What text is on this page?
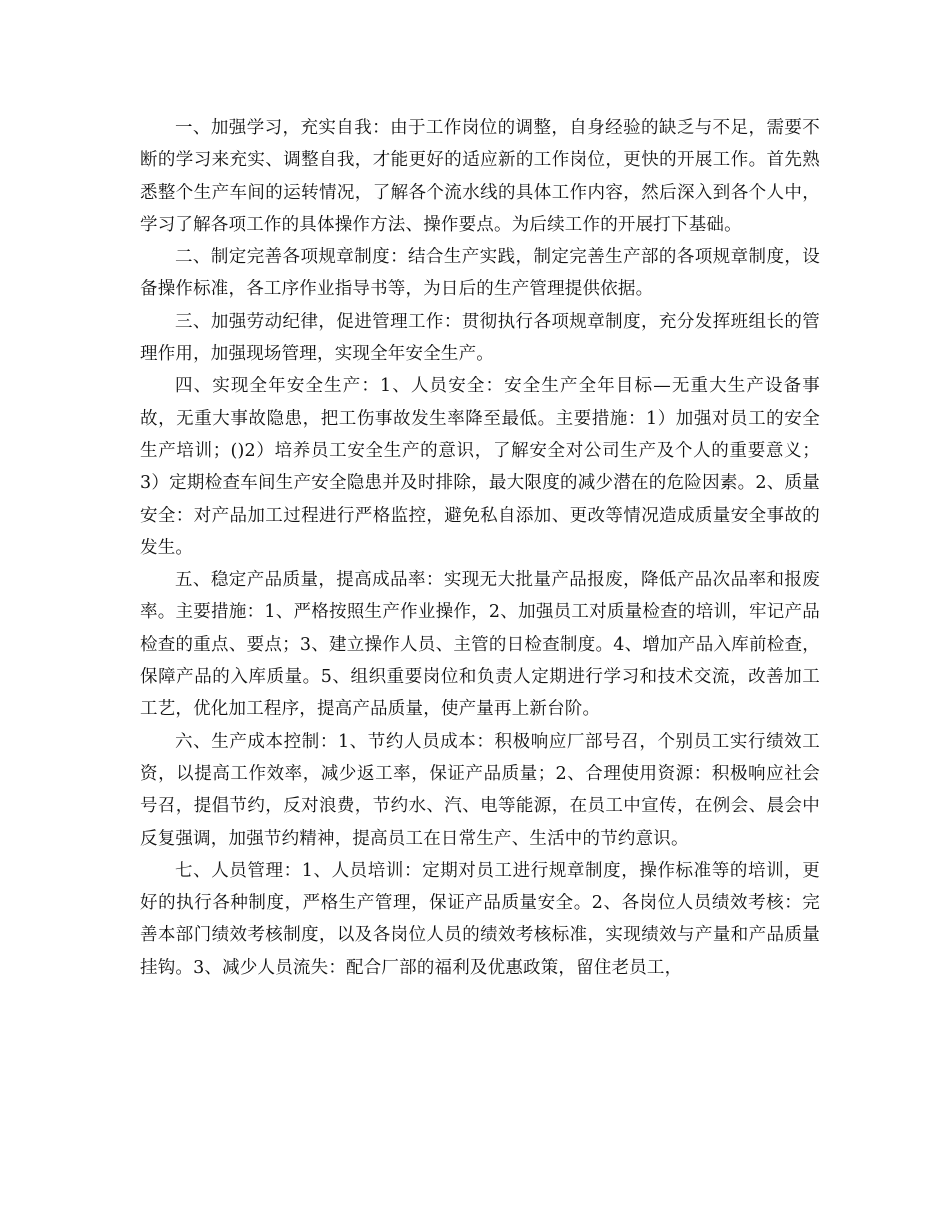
一、加强学习，充实自我：由于工作岗位的调整，自身经验的缺乏与不足，需要不断的学习来充实、调整自我，才能更好的适应新的工作岗位，更快的开展工作。首先熟悉整个生产车间的运转情况，了解各个流水线的具体工作内容，然后深入到各个人中，学习了解各项工作的具体操作方法、操作要点。为后续工作的开展打下基础。

二、制定完善各项规章制度：结合生产实践，制定完善生产部的各项规章制度，设备操作标准，各工序作业指导书等，为日后的生产管理提供依据。

三、加强劳动纪律，促进管理工作：贯彻执行各项规章制度，充分发挥班组长的管理作用，加强现场管理，实现全年安全生产。

四、实现全年安全生产：1、人员安全：安全生产全年目标—无重大生产设备事故，无重大事故隐患，把工伤事故发生率降至最低。主要措施：1）加强对员工的安全生产培训；()2）培养员工安全生产的意识，了解安全对公司生产及个人的重要意义；3）定期检查车间生产安全隐患并及时排除，最大限度的减少潜在的危险因素。2、质量安全：对产品加工过程进行严格监控，避免私自添加、更改等情况造成质量安全事故的发生。

五、稳定产品质量，提高成品率：实现无大批量产品报废，降低产品次品率和报废率。主要措施：1、严格按照生产作业操作，2、加强员工对质量检查的培训，牢记产品检查的重点、要点；3、建立操作人员、主管的日检查制度。4、增加产品入库前检查，保障产品的入库质量。5、组织重要岗位和负责人定期进行学习和技术交流，改善加工工艺，优化加工程序，提高产品质量，使产量再上新台阶。

六、生产成本控制：1、节约人员成本：积极响应厂部号召，个别员工实行绩效工资，以提高工作效率，减少返工率，保证产品质量；2、合理使用资源：积极响应社会号召，提倡节约，反对浪费，节约水、汽、电等能源，在员工中宣传，在例会、晨会中反复强调，加强节约精神，提高员工在日常生产、生活中的节约意识。

七、人员管理：1、人员培训：定期对员工进行规章制度，操作标准等的培训，更好的执行各种制度，严格生产管理，保证产品质量安全。2、各岗位人员绩效考核：完善本部门绩效考核制度，以及各岗位人员的绩效考核标准，实现绩效与产量和产品质量挂钩。3、减少人员流失：配合厂部的福利及优惠政策，留住老员工，
